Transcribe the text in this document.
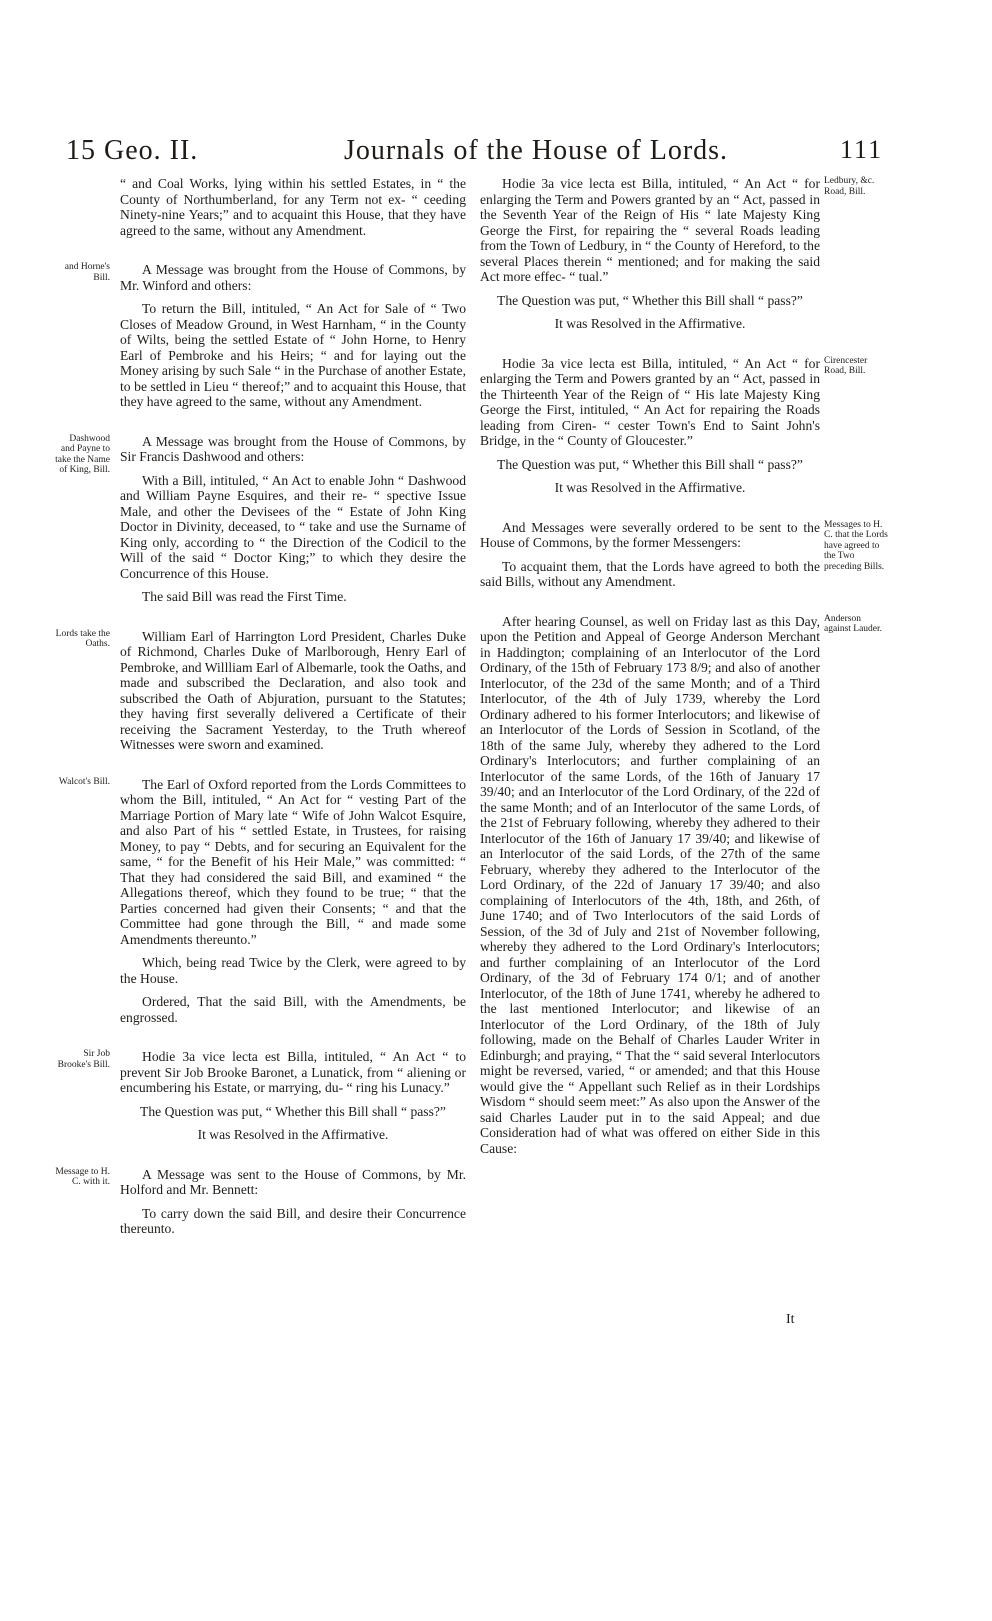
15 Geo. II.	Journals of the House of Lords.	111

“ and Coal Works, lying within his settled Estates, in “ the County of Northumberland, for any Term not ex- “ ceeding Ninety-nine Years;” and to acquaint this House, that they have agreed to the same, without any Amendment.

and Horne's Bill.

A Message was brought from the House of Commons, by Mr. Winford and others:

To return the Bill, intituled, “ An Act for Sale of “ Two Closes of Meadow Ground, in West Harnham, “ in the County of Wilts, being the settled Estate of “ John Horne, to Henry Earl of Pembroke and his Heirs; “ and for laying out the Money arising by such Sale “ in the Purchase of another Estate, to be settled in Lieu “ thereof;” and to acquaint this House, that they have agreed to the same, without any Amendment.

Dashwood and Payne to take the Name of King, Bill.

A Message was brought from the House of Commons, by Sir Francis Dashwood and others:

With a Bill, intituled, “ An Act to enable John “ Dashwood and William Payne Esquires, and their re- “ spective Issue Male, and other the Devisees of the “ Estate of John King Doctor in Divinity, deceased, to “ take and use the Surname of King only, according to “ the Direction of the Codicil to the Will of the said “ Doctor King;” to which they desire the Concurrence of this House.

The said Bill was read the First Time.

Lords take the Oaths.

William Earl of Harrington Lord President, Charles Duke of Richmond, Charles Duke of Marlborough, Henry Earl of Pembroke, and Willliam Earl of Albemarle, took the Oaths, and made and subscribed the Declaration, and also took and subscribed the Oath of Abjuration, pursuant to the Statutes; they having first severally delivered a Certificate of their receiving the Sacrament Yesterday, to the Truth whereof Witnesses were sworn and examined.

Walcot's Bill.	The Earl of Oxford reported from the Lords Committees to whom the Bill, intituled, “ An Act for “ vesting Part of the Marriage Portion of Mary late “ Wife of John Walcot Esquire, and also Part of his “ settled Estate, in Trustees, for raising Money, to pay “ Debts, and for securing an Equivalent for the same, “ for the Benefit of his Heir Male,” was committed: “ That they had considered the said Bill, and examined “ the Allegations thereof, which they found to be true; “ that the Parties concerned had given their Consents; “ and that the Committee had gone through the Bill, “ and made some Amendments thereunto.”

Which, being read Twice by the Clerk, were agreed to by the House.

Ordered, That the said Bill, with the Amendments, be engrossed.

Sir Job Brooke's Bill.

Hodie 3a vice lecta est Billa, intituled, “ An Act “ to prevent Sir Job Brooke Baronet, a Lunatick, from “ aliening or encumbering his Estate, or marrying, du- “ ring his Lunacy.”

The Question was put, “ Whether this Bill shall “ pass?”

It was Resolved in the Affirmative.

Message to H. C. with it.

A Message was sent to the House of Commons, by Mr. Holford and Mr. Bennett:

To carry down the said Bill, and desire their Concurrence thereunto.

Ledbury, &c. Road, Bill.

Hodie 3a vice lecta est Billa, intituled, “ An Act “ for enlarging the Term and Powers granted by an “ Act, passed in the Seventh Year of the Reign of His “ late Majesty King George the First, for repairing the “ several Roads leading from the Town of Ledbury, in “ the County of Hereford, to the several Places therein “ mentioned; and for making the said Act more effec- “ tual.”

The Question was put, “ Whether this Bill shall “ pass?”

It was Resolved in the Affirmative.

Cirencester Road, Bill.

Hodie 3a vice lecta est Billa, intituled, “ An Act “ for enlarging the Term and Powers granted by an “ Act, passed in the Thirteenth Year of the Reign of “ His late Majesty King George the First, intituled, “ An Act for repairing the Roads leading from Ciren- “ cester Town's End to Saint John's Bridge, in the “ County of Gloucester.”

The Question was put, “ Whether this Bill shall “ pass?”

It was Resolved in the Affirmative.

Messages to H. C. that the Lords have agreed to the Two preceding Bills.

And Messages were severally ordered to be sent to the House of Commons, by the former Messengers:

To acquaint them, that the Lords have agreed to both the said Bills, without any Amendment.

Anderson against Lauder.

After hearing Counsel, as well on Friday last as this Day, upon the Petition and Appeal of George Anderson Merchant in Haddington; complaining of an Interlocutor of the Lord Ordinary, of the 15th of February 173 8/9; and also of another Interlocutor, of the 23d of the same Month; and of a Third Interlocutor, of the 4th of July 1739, whereby the Lord Ordinary adhered to his former Interlocutors; and likewise of an Interlocutor of the Lords of Session in Scotland, of the 18th of the same July, whereby they adhered to the Lord Ordinary's Interlocutors; and further complaining of an Interlocutor of the same Lords, of the 16th of January 17 39/40; and an Interlocutor of the Lord Ordinary, of the 22d of the same Month; and of an Interlocutor of the same Lords, of the 21st of February following, whereby they adhered to their Interlocutor of the 16th of January 17 39/40; and likewise of an Interlocutor of the said Lords, of the 27th of the same February, whereby they adhered to the Interlocutor of the Lord Ordinary, of the 22d of January 17 39/40; and also complaining of Interlocutors of the 4th, 18th, and 26th, of June 1740; and of Two Interlocutors of the said Lords of Session, of the 3d of July and 21st of November following, whereby they adhered to the Lord Ordinary's Interlocutors; and further complaining of an Interlocutor of the Lord Ordinary, of the 3d of February 174 0/1; and of another Interlocutor, of the 18th of June 1741, whereby he adhered to the last mentioned Interlocutor; and likewise of an Interlocutor of the Lord Ordinary, of the 18th of July following, made on the Behalf of Charles Lauder Writer in Edinburgh; and praying, “ That the “ said several Interlocutors might be reversed, varied, “ or amended; and that this House would give the “ Appellant such Relief as in their Lordships Wisdom “ should seem meet:” As also upon the Answer of the said Charles Lauder put in to the said Appeal; and due Consideration had of what was offered on either Side in this Cause:

It
